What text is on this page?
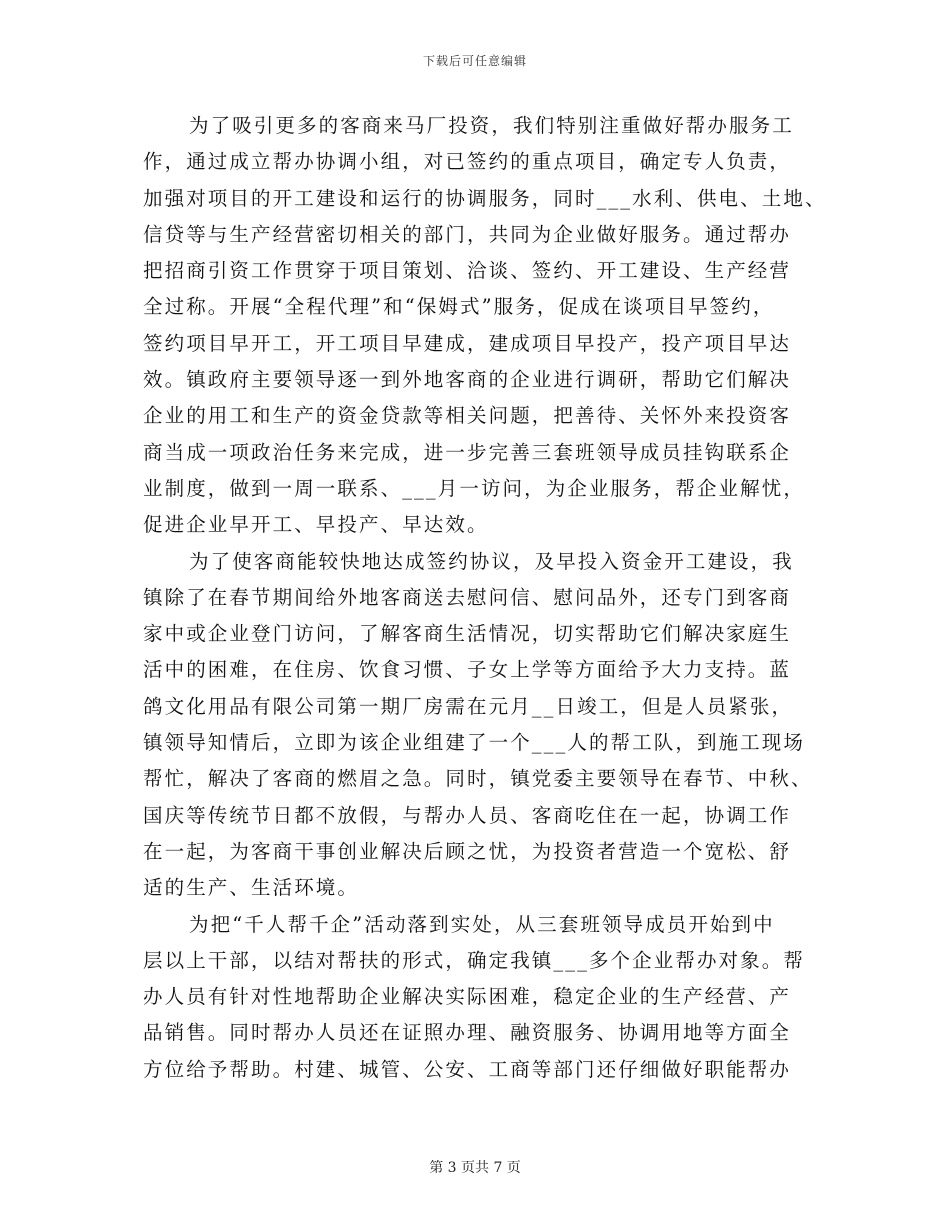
下载后可任意编辑
为了吸引更多的客商来马厂投资，我们特别注重做好帮办服务工
作，通过成立帮办协调小组，对已签约的重点项目，确定专人负责，
加强对项目的开工建设和运行的协调服务，同时___水利、供电、土地、
信贷等与生产经营密切相关的部门，共同为企业做好服务。通过帮办
把招商引资工作贯穿于项目策划、洽谈、签约、开工建设、生产经营
全过称。开展“全程代理”和“保姆式”服务，促成在谈项目早签约，
签约项目早开工，开工项目早建成，建成项目早投产，投产项目早达
效。镇政府主要领导逐一到外地客商的企业进行调研，帮助它们解决
企业的用工和生产的资金贷款等相关问题，把善待、关怀外来投资客
商当成一项政治任务来完成，进一步完善三套班领导成员挂钩联系企
业制度，做到一周一联系、___月一访问，为企业服务，帮企业解忧，
促进企业早开工、早投产、早达效。
为了使客商能较快地达成签约协议，及早投入资金开工建设，我
镇除了在春节期间给外地客商送去慰问信、慰问品外，还专门到客商
家中或企业登门访问，了解客商生活情况，切实帮助它们解决家庭生
活中的困难，在住房、饮食习惯、子女上学等方面给予大力支持。蓝
鸽文化用品有限公司第一期厂房需在元月__日竣工，但是人员紧张，
镇领导知情后，立即为该企业组建了一个___人的帮工队，到施工现场
帮忙，解决了客商的燃眉之急。同时，镇党委主要领导在春节、中秋、
国庆等传统节日都不放假，与帮办人员、客商吃住在一起，协调工作
在一起，为客商干事创业解决后顾之忧，为投资者营造一个宽松、舒
适的生产、生活环境。
为把“千人帮千企”活动落到实处，从三套班领导成员开始到中
层以上干部，以结对帮扶的形式，确定我镇___多个企业帮办对象。帮
办人员有针对性地帮助企业解决实际困难，稳定企业的生产经营、产
品销售。同时帮办人员还在证照办理、融资服务、协调用地等方面全
方位给予帮助。村建、城管、公安、工商等部门还仔细做好职能帮办
第 3 页共 7 页
